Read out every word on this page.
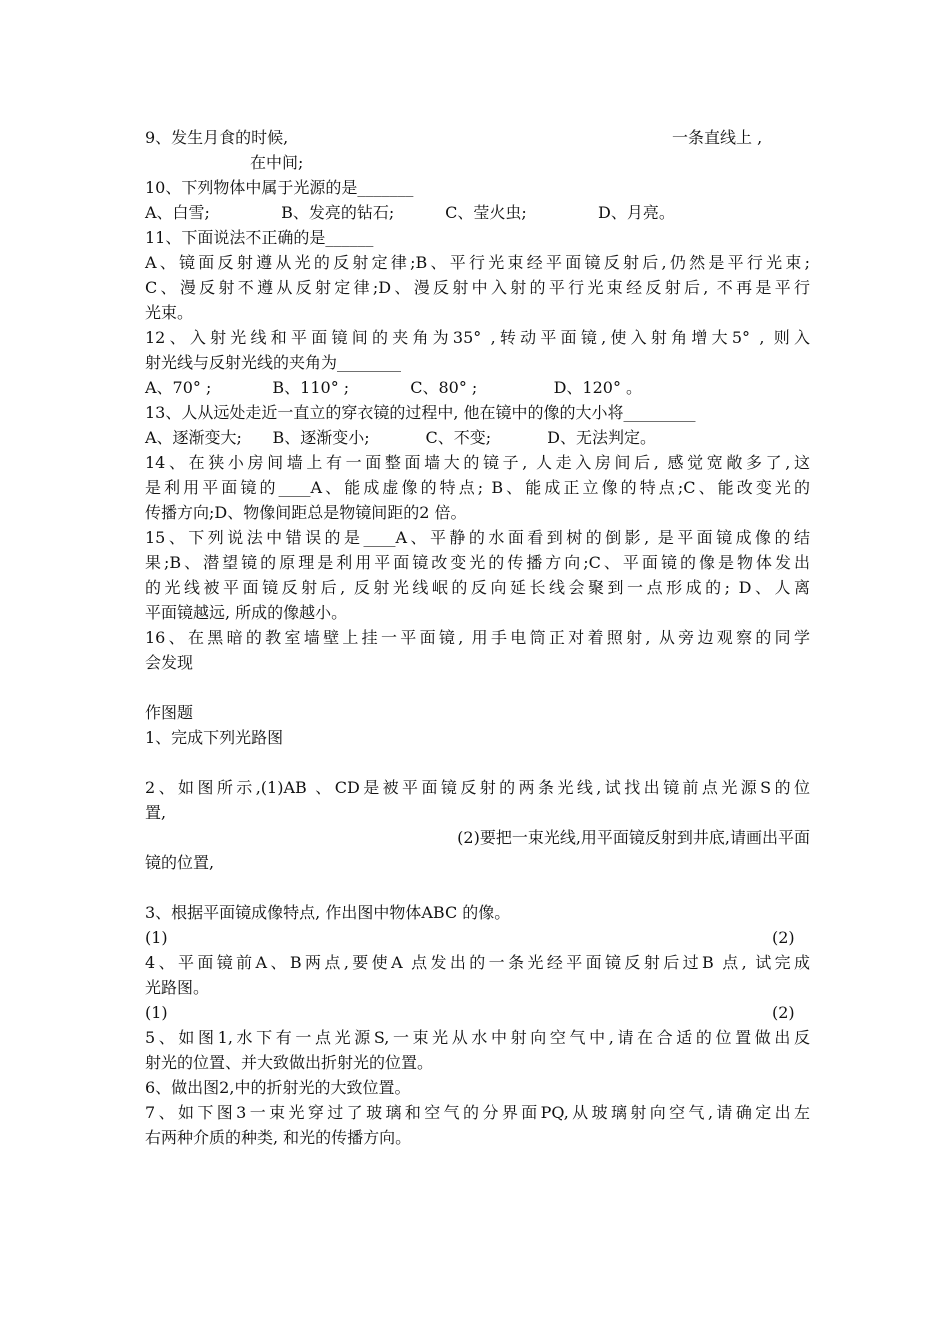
9、发生月食的时候,	一条直线上 ,
在中间;
10、下列物体中属于光源的是_______
A、白雪;              B、发亮的钻石;          C、莹火虫;              D、月亮。
11、下面说法不正确的是______
A、镜面反射遵从光的反射定律;B、平行光束经平面镜反射后,仍然是平行光束;
C、漫反射不遵从反射定律;D、漫反射中入射的平行光束经反射后, 不再是平行
光束。
12、入射光线和平面镜间的夹角为35° ,转动平面镜,使入射角增大5° , 则入
射光线与反射光线的夹角为________
A、70° ;            B、110° ;            C、80° ;               D、120° 。
13、人从远处走近一直立的穿衣镜的过程中, 他在镜中的像的大小将_________
A、逐渐变大;      B、逐渐变小;           C、不变;           D、无法判定。
14、在狭小房间墙上有一面整面墙大的镜子, 人走入房间后, 感觉宽敞多了,这
是利用平面镜的____A、能成虚像的特点; B、能成正立像的特点;C、能改变光的
传播方向;D、物像间距总是物镜间距的2 倍。
15、下列说法中错误的是____A、平静的水面看到树的倒影, 是平面镜成像的结
果;B、潜望镜的原理是利用平面镜改变光的传播方向;C、平面镜的像是物体发出
的光线被平面镜反射后, 反射光线岷的反向延长线会聚到一点形成的; D、人离
平面镜越远, 所成的像越小。
16、在黑暗的教室墙壁上挂一平面镜, 用手电筒正对着照射, 从旁边观察的同学
会发现
作图题
1、完成下列光路图
2、如图所示,(1)AB 、CD是被平面镜反射的两条光线,试找出镜前点光源S的位
置,
(2)要把一束光线,用平面镜反射到井底,请画出平面
镜的位置,
3、根据平面镜成像特点, 作出图中物体ABC 的像。
(1)	(2)
4、平面镜前A、B两点,要使A 点发出的一条光经平面镜反射后过B 点, 试完成
光路图。
(1)	(2)
5、如图1,水下有一点光源S,一束光从水中射向空气中,请在合适的位置做出反
射光的位置、并大致做出折射光的位置。
6、做出图2,中的折射光的大致位置。
7、如下图3一束光穿过了玻璃和空气的分界面PQ,从玻璃射向空气,请确定出左
右两种介质的种类, 和光的传播方向。
